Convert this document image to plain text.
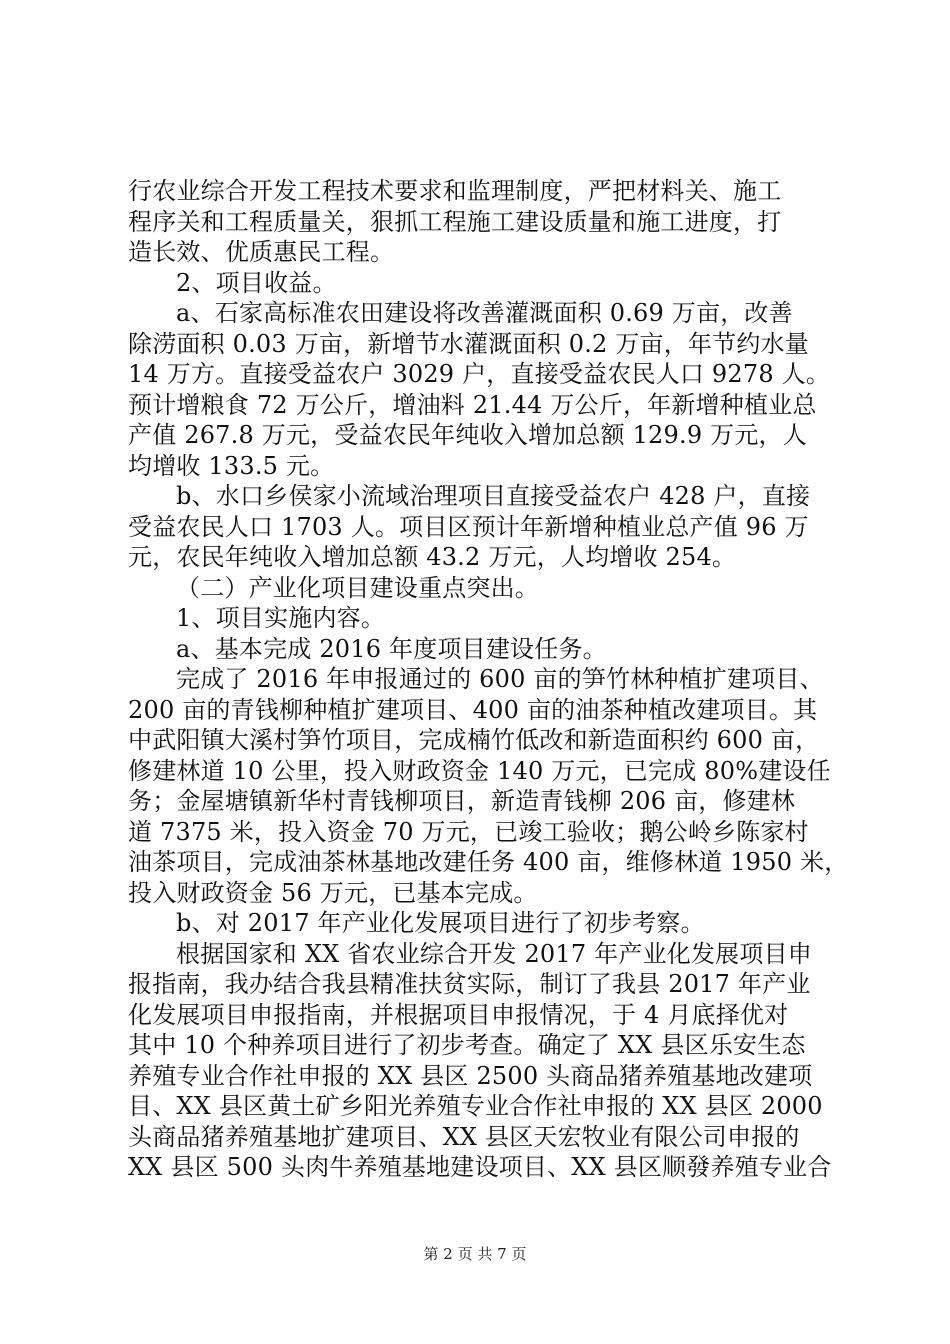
行农业综合开发工程技术要求和监理制度，严把材料关、施工
程序关和工程质量关，狠抓工程施工建设质量和施工进度，打
造长效、优质惠民工程。
2、项目收益。
a、石家高标准农田建设将改善灌溉面积 0.69 万亩，改善
除涝面积 0.03 万亩，新增节水灌溉面积 0.2 万亩，年节约水量
14 万方。直接受益农户 3029 户，直接受益农民人口 9278 人。
预计增粮食 72 万公斤，增油料 21.44 万公斤，年新增种植业总
产值 267.8 万元，受益农民年纯收入增加总额 129.9 万元，人
均增收 133.5 元。
b、水口乡侯家小流域治理项目直接受益农户 428 户，直接
受益农民人口 1703 人。项目区预计年新增种植业总产值 96 万
元，农民年纯收入增加总额 43.2 万元，人均增收 254。
（二）产业化项目建设重点突出。
1、项目实施内容。
a、基本完成 2016 年度项目建设任务。
完成了 2016 年申报通过的 600 亩的笋竹林种植扩建项目、
200 亩的青钱柳种植扩建项目、400 亩的油茶种植改建项目。其
中武阳镇大溪村笋竹项目，完成楠竹低改和新造面积约 600 亩，
修建林道 10 公里，投入财政资金 140 万元，已完成 80%建设任
务；金屋塘镇新华村青钱柳项目，新造青钱柳 206 亩，修建林
道 7375 米，投入资金 70 万元，已竣工验收；鹅公岭乡陈家村
油茶项目，完成油茶林基地改建任务 400 亩，维修林道 1950 米，
投入财政资金 56 万元，已基本完成。
b、对 2017 年产业化发展项目进行了初步考察。
根据国家和 XX 省农业综合开发 2017 年产业化发展项目申
报指南，我办结合我县精准扶贫实际，制订了我县 2017 年产业
化发展项目申报指南，并根据项目申报情况，于 4 月底择优对
其中 10 个种养项目进行了初步考查。确定了 XX 县区乐安生态
养殖专业合作社申报的 XX 县区 2500 头商品猪养殖基地改建项
目、XX 县区黄土矿乡阳光养殖专业合作社申报的 XX 县区 2000
头商品猪养殖基地扩建项目、XX 县区天宏牧业有限公司申报的
XX 县区 500 头肉牛养殖基地建设项目、XX 县区顺發养殖专业合
第 2 页 共 7 页
